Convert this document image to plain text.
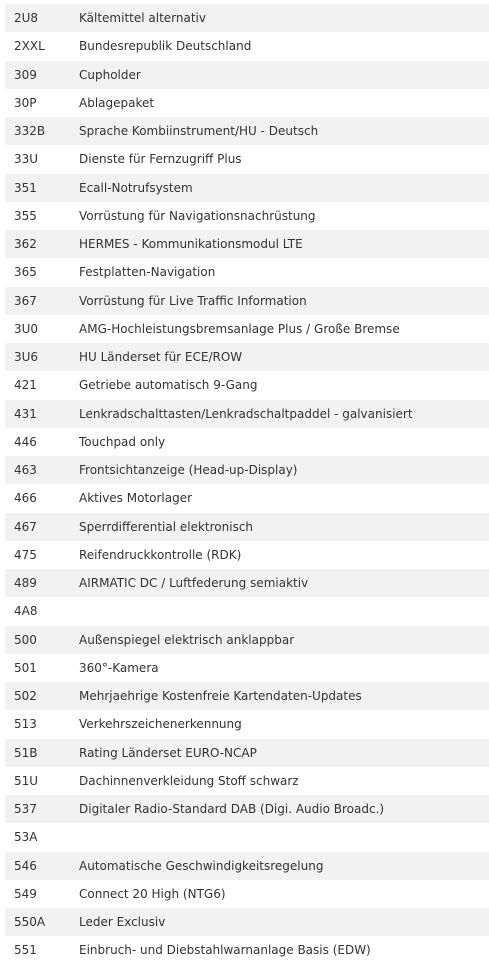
2U8	Kältemittel alternativ
2XXL	Bundesrepublik Deutschland
309	Cupholder
30P	Ablagepaket
332B	Sprache Kombiinstrument/HU - Deutsch
33U	Dienste für Fernzugriff Plus
351	Ecall-Notrufsystem
355	Vorrüstung für Navigationsnachrüstung
362	HERMES - Kommunikationsmodul LTE
365	Festplatten-Navigation
367	Vorrüstung für Live Traffic Information
3U0	AMG-Hochleistungsbremsanlage Plus / Große Bremse
3U6	HU Länderset für ECE/ROW
421	Getriebe automatisch 9-Gang
431	Lenkradschalttasten/Lenkradschaltpaddel - galvanisiert
446	Touchpad only
463	Frontsichtanzeige (Head-up-Display)
466	Aktives Motorlager
467	Sperrdifferential elektronisch
475	Reifendruckkontrolle (RDK)
489	AIRMATIC DC / Luftfederung semiaktiv
4A8
500	Außenspiegel elektrisch anklappbar
501	360°-Kamera
502	Mehrjaehrige Kostenfreie Kartendaten-Updates
513	Verkehrszeichenerkennung
51B	Rating Länderset EURO-NCAP
51U	Dachinnenverkleidung Stoff schwarz
537	Digitaler Radio-Standard DAB (Digi. Audio Broadc.)
53A
546	Automatische Geschwindigkeitsregelung
549	Connect 20 High (NTG6)
550A	Leder Exclusiv
551	Einbruch- und Diebstahlwarnanlage Basis (EDW)
